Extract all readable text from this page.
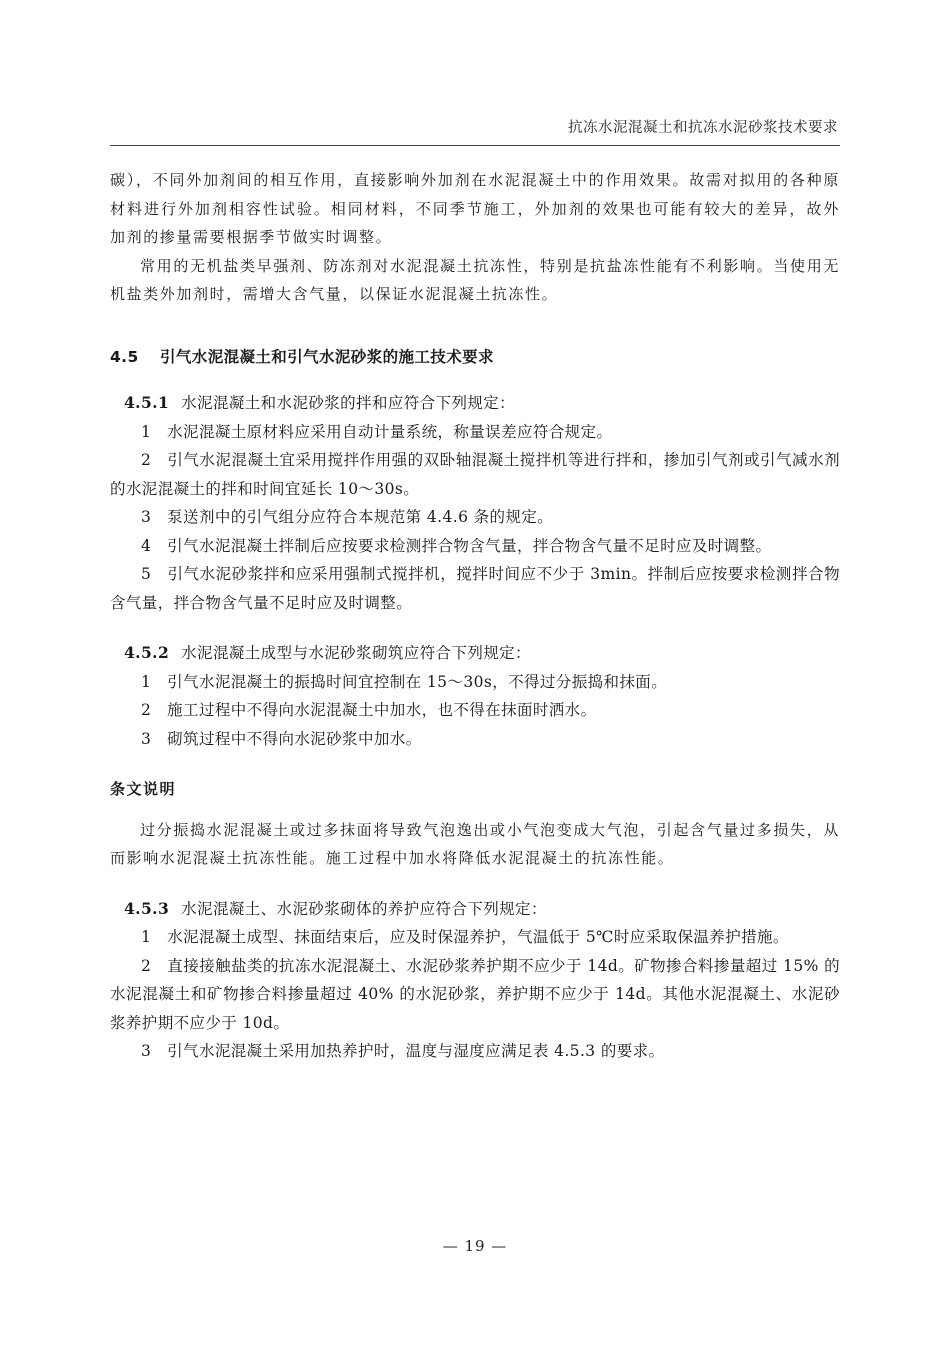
抗冻水泥混凝土和抗冻水泥砂浆技术要求

碳），不同外加剂间的相互作用，直接影响外加剂在水泥混凝土中的作用效果。故需对拟用的各种原材料进行外加剂相容性试验。相同材料，不同季节施工，外加剂的效果也可能有较大的差异，故外加剂的掺量需要根据季节做实时调整。

常用的无机盐类早强剂、防冻剂对水泥混凝土抗冻性，特别是抗盐冻性能有不利影响。当使用无机盐类外加剂时，需增大含气量，以保证水泥混凝土抗冻性。

4.5 引气水泥混凝土和引气水泥砂浆的施工技术要求

4.5.1 水泥混凝土和水泥砂浆的拌和应符合下列规定：

1　水泥混凝土原材料应采用自动计量系统，称量误差应符合规定。

2　引气水泥混凝土宜采用搅拌作用强的双卧轴混凝土搅拌机等进行拌和，掺加引气剂或引气减水剂的水泥混凝土的拌和时间宜延长 10～30s。

3　泵送剂中的引气组分应符合本规范第 4.4.6 条的规定。

4　引气水泥混凝土拌制后应按要求检测拌合物含气量，拌合物含气量不足时应及时调整。

5　引气水泥砂浆拌和应采用强制式搅拌机，搅拌时间应不少于 3min。拌制后应按要求检测拌合物含气量，拌合物含气量不足时应及时调整。

4.5.2 水泥混凝土成型与水泥砂浆砌筑应符合下列规定：

1　引气水泥混凝土的振捣时间宜控制在 15～30s，不得过分振捣和抹面。

2　施工过程中不得向水泥混凝土中加水，也不得在抹面时洒水。

3　砌筑过程中不得向水泥砂浆中加水。

条文说明

过分振捣水泥混凝土或过多抹面将导致气泡逸出或小气泡变成大气泡，引起含气量过多损失，从而影响水泥混凝土抗冻性能。施工过程中加水将降低水泥混凝土的抗冻性能。

4.5.3 水泥混凝土、水泥砂浆砌体的养护应符合下列规定：

1　水泥混凝土成型、抹面结束后，应及时保湿养护，气温低于 5℃时应采取保温养护措施。

2　直接接触盐类的抗冻水泥混凝土、水泥砂浆养护期不应少于 14d。矿物掺合料掺量超过 15% 的水泥混凝土和矿物掺合料掺量超过 40% 的水泥砂浆，养护期不应少于 14d。其他水泥混凝土、水泥砂浆养护期不应少于 10d。

3　引气水泥混凝土采用加热养护时，温度与湿度应满足表 4.5.3 的要求。

— 19 —
